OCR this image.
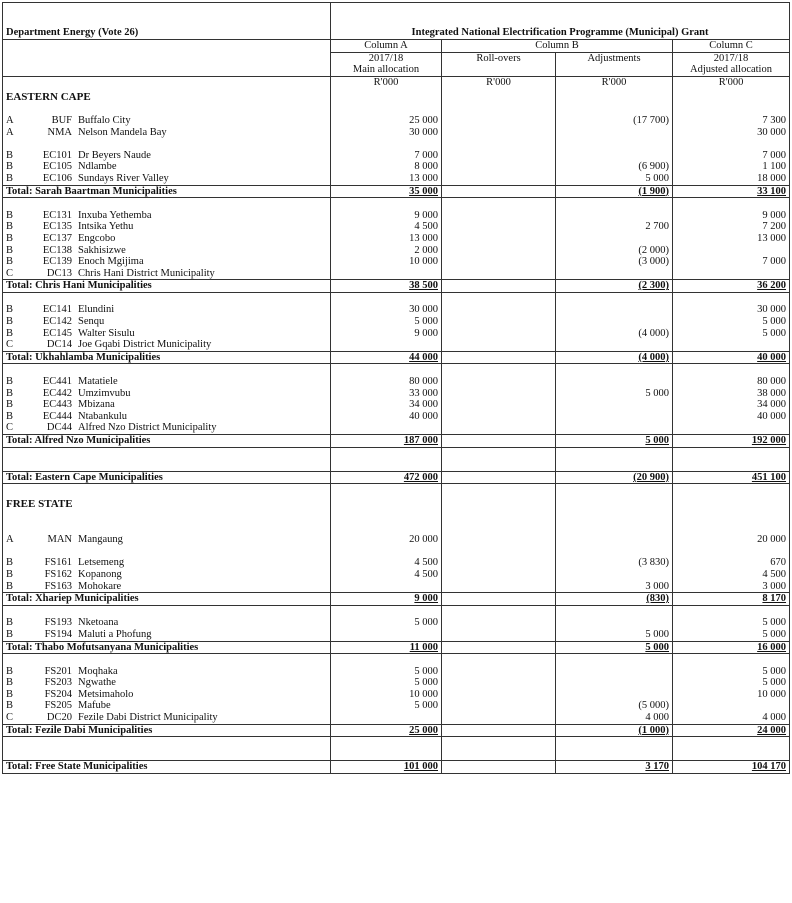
Department Energy (Vote 26)	Integrated National Electrification Programme (Municipal) Grant			
	Column A	Column B		Column C
	2017/18	Roll-overs	Adjustments	2017/18
	Main allocation			Adjusted allocation
	R'000	R'000	R'000	R'000
EASTERN CAPE				

A BUF Buffalo City	25 000		(17 700)	7 300
A NMA Nelson Mandela Bay	30 000			30 000

B EC101 Dr Beyers Naude	7 000			7 000
B EC105 Ndlambe	8 000		(6 900)	1 100
B EC106 Sundays River Valley	13 000		5 000	18 000
Total: Sarah Baartman Municipalities	35 000		(1 900)	33 100

B EC131 Inxuba Yethemba	9 000			9 000
B EC135 Intsika Yethu	4 500		2 700	7 200
B EC137 Engcobo	13 000			13 000
B EC138 Sakhisizwe	2 000		(2 000)	
B EC139 Enoch Mgijima	10 000		(3 000)	7 000
C DC13 Chris Hani District Municipality				
Total: Chris Hani Municipalities	38 500		(2 300)	36 200

B EC141 Elundini	30 000			30 000
B EC142 Senqu	5 000			5 000
B EC145 Walter Sisulu	9 000		(4 000)	5 000
C DC14 Joe Gqabi District Municipality				
Total: Ukhahlamba Municipalities	44 000		(4 000)	40 000

B EC441 Matatiele	80 000			80 000
B EC442 Umzimvubu	33 000		5 000	38 000
B EC443 Mbizana	34 000			34 000
B EC444 Ntabankulu	40 000			40 000
C DC44 Alfred Nzo District Municipality				
Total: Alfred Nzo Municipalities	187 000		5 000	192 000

Total: Eastern Cape Municipalities	472 000		(20 900)	451 100

FREE STATE				

A MAN Mangaung	20 000			20 000

B FS161 Letsemeng	4 500		(3 830)	670
B FS162 Kopanong	4 500			4 500
B FS163 Mohokare			3 000	3 000
Total: Xhariep Municipalities	9 000		(830)	8 170

B FS193 Nketoana	5 000			5 000
B FS194 Maluti a Phofung			5 000	5 000
Total: Thabo Mofutsanyana Municipalities	11 000		5 000	16 000

B FS201 Moqhaka	5 000			5 000
B FS203 Ngwathe	5 000			5 000
B FS204 Metsimaholo	10 000			10 000
B FS205 Mafube	5 000		(5 000)	
C DC20 Fezile Dabi District Municipality			4 000	4 000
Total: Fezile Dabi Municipalities	25 000		(1 000)	24 000

Total: Free State Municipalities	101 000		3 170	104 170
